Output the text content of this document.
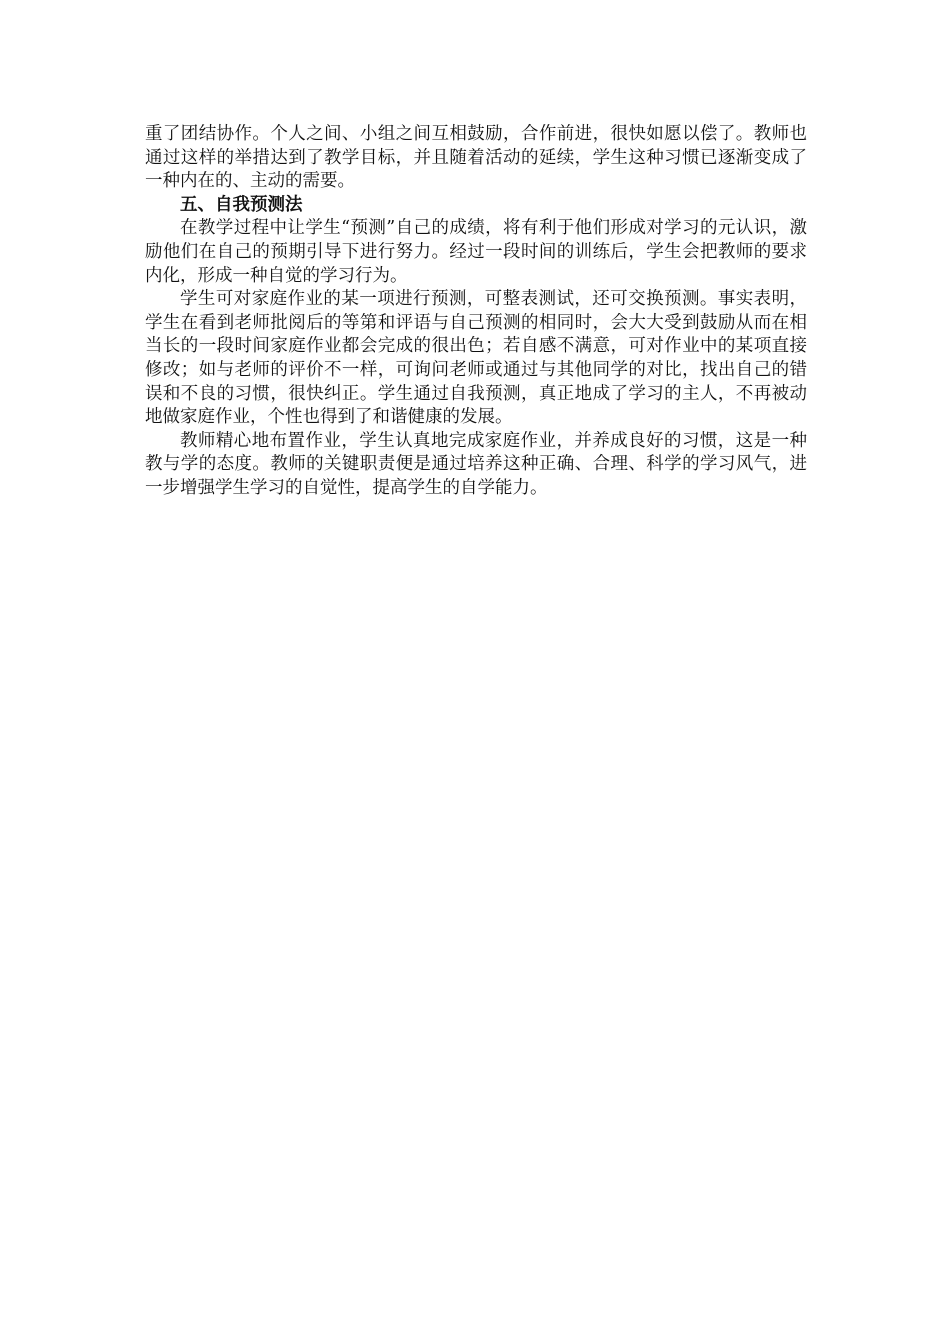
重了团结协作。个人之间、小组之间互相鼓励，合作前进，很快如愿以偿了。教师也通过这样的举措达到了教学目标，并且随着活动的延续，学生这种习惯已逐渐变成了一种内在的、主动的需要。

五、自我预测法

在教学过程中让学生“预测”自己的成绩，将有利于他们形成对学习的元认识，激励他们在自己的预期引导下进行努力。经过一段时间的训练后，学生会把教师的要求内化，形成一种自觉的学习行为。

学生可对家庭作业的某一项进行预测，可整表测试，还可交换预测。事实表明，学生在看到老师批阅后的等第和评语与自己预测的相同时，会大大受到鼓励从而在相当长的一段时间家庭作业都会完成的很出色；若自感不满意，可对作业中的某项直接修改；如与老师的评价不一样，可询问老师或通过与其他同学的对比，找出自己的错误和不良的习惯，很快纠正。学生通过自我预测，真正地成了学习的主人，不再被动地做家庭作业，个性也得到了和谐健康的发展。

教师精心地布置作业，学生认真地完成家庭作业，并养成良好的习惯，这是一种教与学的态度。教师的关键职责便是通过培养这种正确、合理、科学的学习风气，进一步增强学生学习的自觉性，提高学生的自学能力。
